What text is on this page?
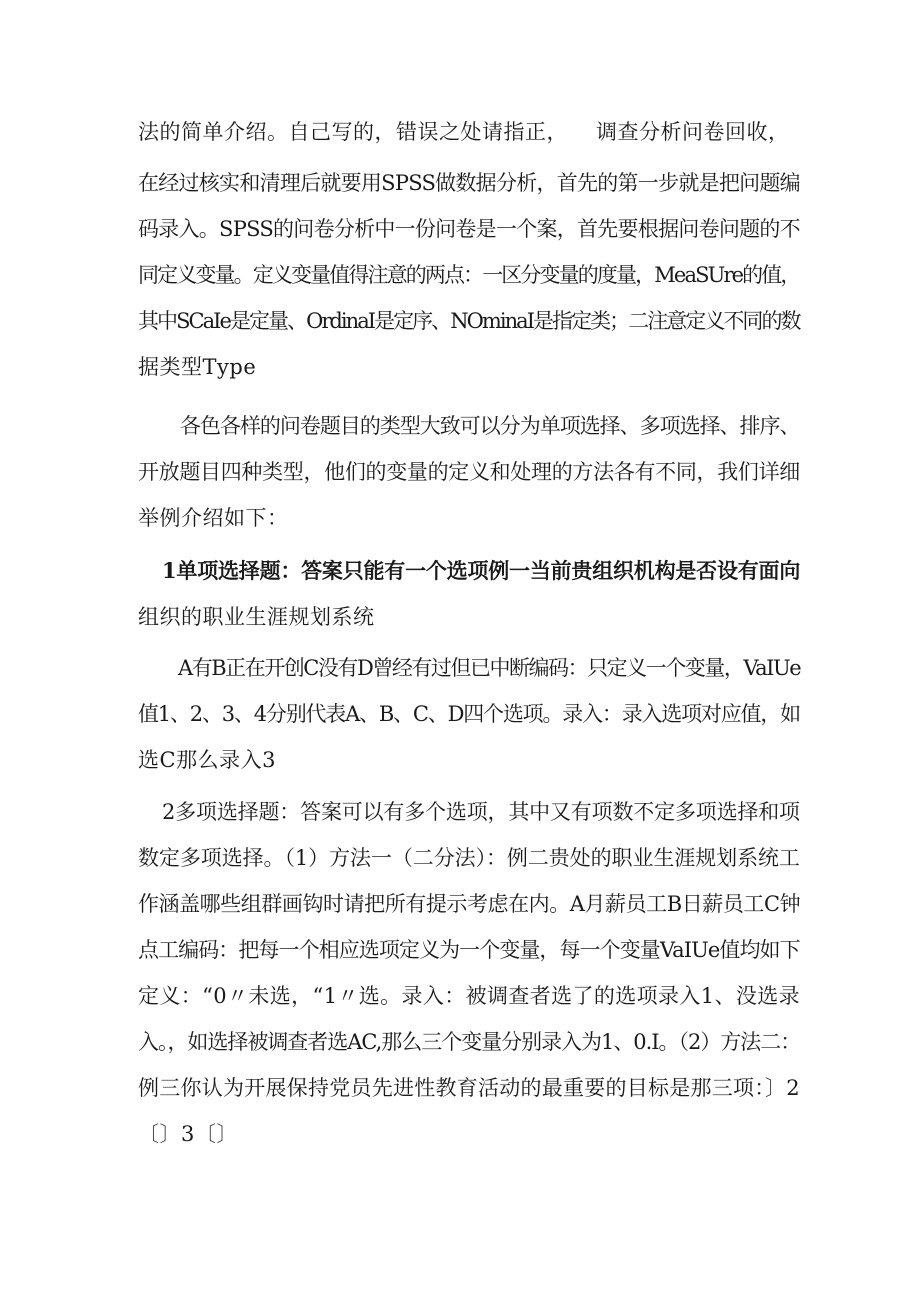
法的简单介绍。自己写的，错误之处请指正， 调查分析问卷回收，

在经过核实和清理后就要用SPSS做数据分析，首先的第一步就是把问题编

码录入。SPSS的问卷分析中一份问卷是一个案，首先要根据问卷问题的不

同定义变量。定义变量值得注意的两点：一区分变量的度量，MeaSUre的值，

其中SCaIe是定量、OrdinaI是定序、NOminaI是指定类；二注意定义不同的数

据类型Type

各色各样的问卷题目的类型大致可以分为单项选择、多项选择、排序、

开放题目四种类型，他们的变量的定义和处理的方法各有不同，我们详细

举例介绍如下：

1单项选择题：答案只能有一个选项例一当前贵组织机构是否设有面向

组织的职业生涯规划系统

A有B正在开创C没有D曾经有过但已中断编码：只定义一个变量，VaIUe

值1、2、3、4分别代表A、B、C、D四个选项。录入：录入选项对应值，如

选C那么录入3

2多项选择题：答案可以有多个选项，其中又有项数不定多项选择和项

数定多项选择。（1）方法一（二分法）：例二贵处的职业生涯规划系统工

作涵盖哪些组群画钩时请把所有提示考虑在内。A月薪员工B日薪员工C钟

点工编码：把每一个相应选项定义为一个变量，每一个变量VaIUe值均如下

定义：“0〃未选，“1〃选。录入：被调查者选了的选项录入1、没选录

入。，如选择被调查者选AC,那么三个变量分别录入为1、0.I。（2）方法二：

例三你认为开展保持党员先进性教育活动的最重要的目标是那三项：〕2

〔〕3〔〕
